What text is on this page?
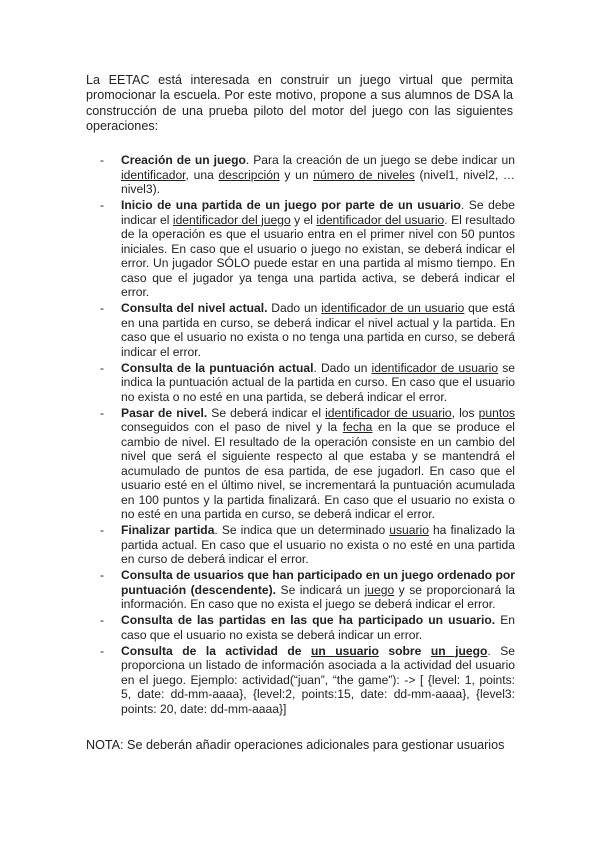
La EETAC está interesada en construir un juego virtual que permita promocionar la escuela. Por este motivo, propone a sus alumnos de DSA la construcción de una prueba piloto del motor del juego con las siguientes operaciones:

- Creación de un juego. Para la creación de un juego se debe indicar un identificador, una descripción y un número de niveles (nivel1, nivel2, … nivel3).
- Inicio de una partida de un juego por parte de un usuario. Se debe indicar el identificador del juego y el identificador del usuario. El resultado de la operación es que el usuario entra en el primer nivel con 50 puntos iniciales. En caso que el usuario o juego no existan, se deberá indicar el error. Un jugador SÓLO puede estar en una partida al mismo tiempo. En caso que el jugador ya tenga una partida activa, se deberá indicar el error.
- Consulta del nivel actual. Dado un identificador de un usuario que está en una partida en curso, se deberá indicar el nivel actual y la partida. En caso que el usuario no exista o no tenga una partida en curso, se deberá indicar el error.
- Consulta de la puntuación actual. Dado un identificador de usuario se indica la puntuación actual de la partida en curso. En caso que el usuario no exista o no esté en una partida, se deberá indicar el error.
- Pasar de nivel. Se deberá indicar el identificador de usuario, los puntos conseguidos con el paso de nivel y la fecha en la que se produce el cambio de nivel. El resultado de la operación consiste en un cambio del nivel que será el siguiente respecto al que estaba y se mantendrá el acumulado de puntos de esa partida, de ese jugadorl. En caso que el usuario esté en el último nivel, se incrementará la puntuación acumulada en 100 puntos y la partida finalizará. En caso que el usuario no exista o no esté en una partida en curso, se deberá indicar el error.
- Finalizar partida. Se indica que un determinado usuario ha finalizado la partida actual. En caso que el usuario no exista o no esté en una partida en curso de deberá indicar el error.
- Consulta de usuarios que han participado en un juego ordenado por puntuación (descendente). Se indicará un juego y se proporcionará la información. En caso que no exista el juego se deberá indicar el error.
- Consulta de las partidas en las que ha participado un usuario. En caso que el usuario no exista se deberá indicar un error.
- Consulta de la actividad de un usuario sobre un juego. Se proporciona un listado de información asociada a la actividad del usuario en el juego. Ejemplo: actividad(“juan”, “the game”): -> [ {level: 1, points: 5, date: dd-mm-aaaa}, {level:2, points:15, date: dd-mm-aaaa}, {level3: points: 20, date: dd-mm-aaaa}]

NOTA: Se deberán añadir operaciones adicionales para gestionar usuarios
